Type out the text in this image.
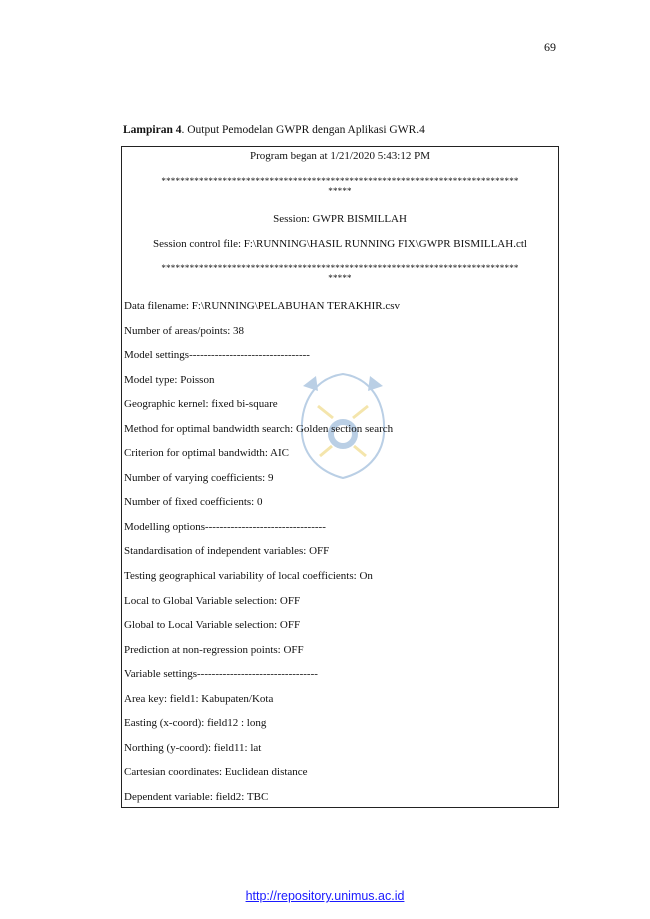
69
Lampiran 4. Output Pemodelan GWPR dengan Aplikasi GWR.4
Program began at 1/21/2020 5:43:12 PM
****************************************************************************
*****
Session: GWPR BISMILLAH
Session control file: F:\RUNNING\HASIL RUNNING FIX\GWPR BISMILLAH.ctl
****************************************************************************
*****
Data filename: F:\RUNNING\PELABUHAN TERAKHIR.csv
Number of areas/points: 38
Model settings---------------------------------
Model type: Poisson
Geographic kernel: fixed bi-square
Method for optimal bandwidth search: Golden section search
Criterion for optimal bandwidth: AIC
Number of varying coefficients: 9
Number of fixed coefficients: 0
Modelling options---------------------------------
Standardisation of independent variables: OFF
Testing geographical variability of local coefficients: On
Local to Global Variable selection: OFF
Global to Local Variable selection: OFF
Prediction at non-regression points: OFF
Variable settings---------------------------------
Area key: field1: Kabupaten/Kota
Easting (x-coord): field12 : long
Northing (y-coord): field11: lat
Cartesian coordinates: Euclidean distance
Dependent variable: field2: TBC
http://repository.unimus.ac.id
